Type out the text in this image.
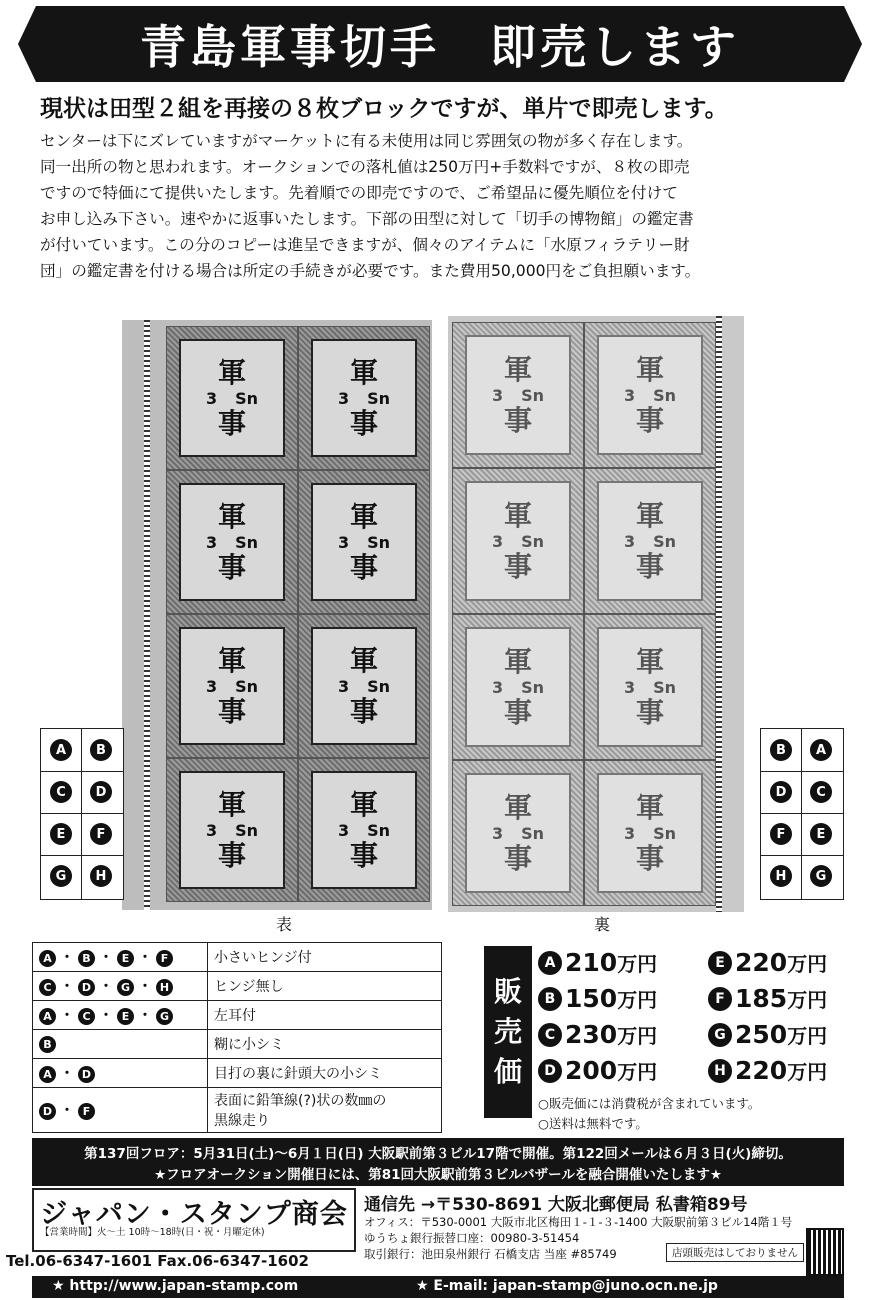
青島軍事切手　即売します
現状は田型２組を再接の８枚ブロックですが、単片で即売します。
センターは下にズレていますがマーケットに有る未使用は同じ雰囲気の物が多く存在します。
同一出所の物と思われます。オークションでの落札値は250万円+手数料ですが、８枚の即売
ですので特価にて提供いたします。先着順での即売ですので、ご希望品に優先順位を付けて
お申し込み下さい。速やかに返事いたします。下部の田型に対して「切手の博物館」の鑑定書
が付いています。この分のコピーは進呈できますが、個々のアイテムに「水原フィラテリー財
団」の鑑定書を付ける場合は所定の手続きが必要です。また費用50,000円をご負担願います。
軍
3 Sn
事
軍
3 Sn
事
軍
3 Sn
事
軍
3 Sn
事
軍
3 Sn
事
軍
3 Sn
事
軍
3 Sn
事
軍
3 Sn
事
軍
3 Sn
事
軍
3 Sn
事
軍
3 Sn
事
軍
3 Sn
事
軍
3 Sn
事
軍
3 Sn
事
軍
3 Sn
事
軍
3 Sn
事
A	B
C	D
E	F
G	H
B	A
D	C
F	E
H	G
表	裏
A ・ B ・ E ・ F	小さいヒンジ付

C ・ D ・ G ・ H	ヒンジ無し

A ・ C ・ E ・ G	左耳付

B	糊に小シミ

A ・ D	目打の裏に針頭大の小シミ

D ・ F	表面に鉛筆線(?)状の数㎜の
黒線走り
販
売
価
A 210万円	E 220万円
B 150万円	F 185万円
C 230万円	G 250万円
D 200万円	H 220万円
○販売価には消費税が含まれています。
○送料は無料です。
第137回フロア：5月31日(土)～6月１日(日) 大阪駅前第３ビル17階で開催。第122回メールは６月３日(火)締切。
★フロアオークション開催日には、第81回大阪駅前第３ビルバザールを融合開催いたします★
ジャパン・スタンプ商会
【営業時間】火～土 10時～18時(日・祝・月曜定休)
Tel.06-6347-1601 Fax.06-6347-1602
通信先 →〒530-8691 大阪北郵便局 私書箱89号
オフィス：〒530-0001 大阪市北区梅田１-１-３-1400 大阪駅前第３ビル14階１号
ゆうちょ銀行振替口座：00980-3-51454
取引銀行：池田泉州銀行 石橋支店 当座 #85749	店頭販売はしておりません
★ http://www.japan-stamp.com	★ E-mail: japan-stamp@juno.ocn.ne.jp
